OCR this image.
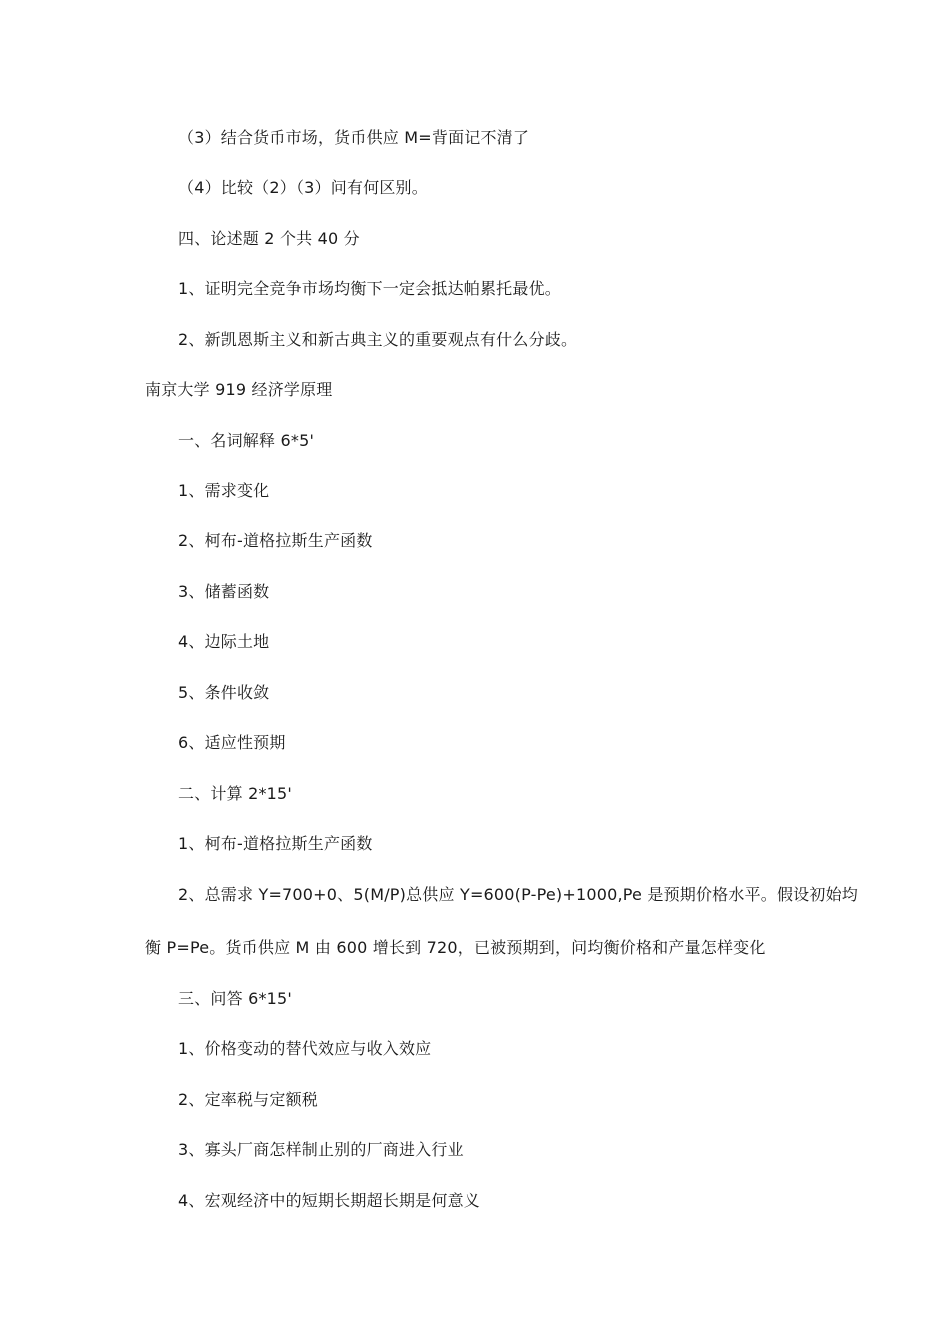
（3）结合货币市场，货币供应 M=背面记不清了
（4）比较（2）（3）问有何区别。
四、论述题 2 个共 40 分
1、证明完全竞争市场均衡下一定会抵达帕累托最优。
2、新凯恩斯主义和新古典主义的重要观点有什么分歧。
南京大学 919 经济学原理
一、名词解释 6*5'
1、需求变化
2、柯布-道格拉斯生产函数
3、储蓄函数
4、边际土地
5、条件收敛
6、适应性预期
二、计算 2*15'
1、柯布-道格拉斯生产函数
2、总需求 Y=700+0、5(M/P)总供应 Y=600(P-Pe)+1000,Pe 是预期价格水平。假设初始均
衡 P=Pe。货币供应 M 由 600 增长到 720，已被预期到，问均衡价格和产量怎样变化
三、问答 6*15'
1、价格变动的替代效应与收入效应
2、定率税与定额税
3、寡头厂商怎样制止别的厂商进入行业
4、宏观经济中的短期长期超长期是何意义
